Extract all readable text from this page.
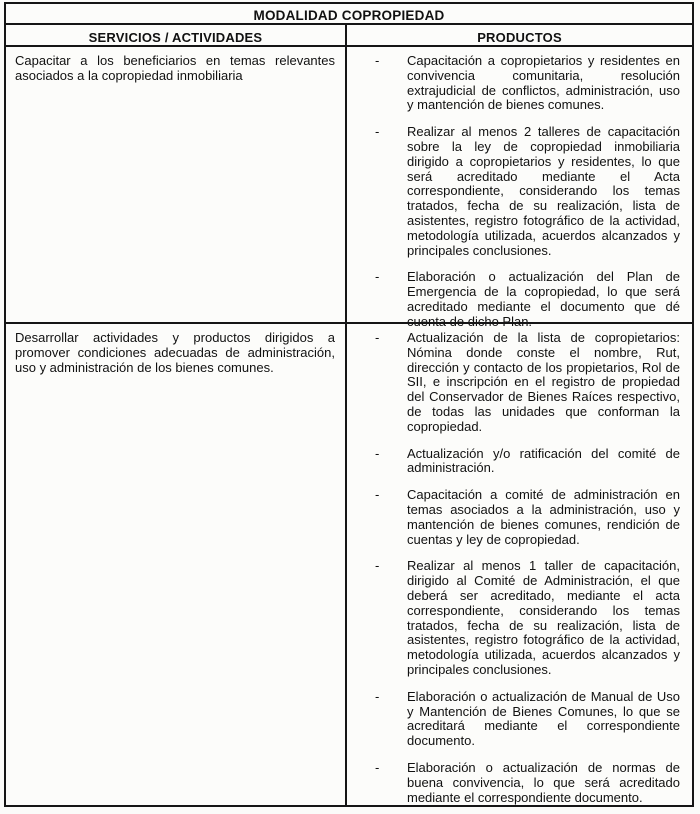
MODALIDAD COPROPIEDAD
SERVICIOS / ACTIVIDADES	PRODUCTOS
Capacitar a los beneficiarios en temas relevantes asociados a la copropiedad inmobiliaria
-	Capacitación a copropietarios y residentes en convivencia comunitaria, resolución extrajudicial de conflictos, administración, uso y mantención de bienes comunes.
-	Realizar al menos 2 talleres de capacitación sobre la ley de copropiedad inmobiliaria dirigido a copropietarios y residentes, lo que será acreditado mediante el Acta correspondiente, considerando los temas tratados, fecha de su realización, lista de asistentes, registro fotográfico de la actividad, metodología utilizada, acuerdos alcanzados y principales conclusiones.
-	Elaboración o actualización del Plan de Emergencia de la copropiedad, lo que será acreditado mediante el documento que dé cuenta de dicho Plan.
Desarrollar actividades y productos dirigidos a promover condiciones adecuadas de administración, uso y administración de los bienes comunes.
-	Actualización de la lista de copropietarios: Nómina donde conste el nombre, Rut, dirección y contacto de los propietarios, Rol de SII, e inscripción en el registro de propiedad del Conservador de Bienes Raíces respectivo, de todas las unidades que conforman la copropiedad.
-	Actualización y/o ratificación del comité de administración.
-	Capacitación a comité de administración en temas asociados a la administración, uso y mantención de bienes comunes, rendición de cuentas y ley de copropiedad.
-	Realizar al menos 1 taller de capacitación, dirigido al Comité de Administración, el que deberá ser acreditado, mediante el acta correspondiente, considerando los temas tratados, fecha de su realización, lista de asistentes, registro fotográfico de la actividad, metodología utilizada, acuerdos alcanzados y principales conclusiones.
-	Elaboración o actualización de Manual de Uso y Mantención de Bienes Comunes, lo que se acreditará mediante el correspondiente documento.
-	Elaboración o actualización de normas de buena convivencia, lo que será acreditado mediante el correspondiente documento.
